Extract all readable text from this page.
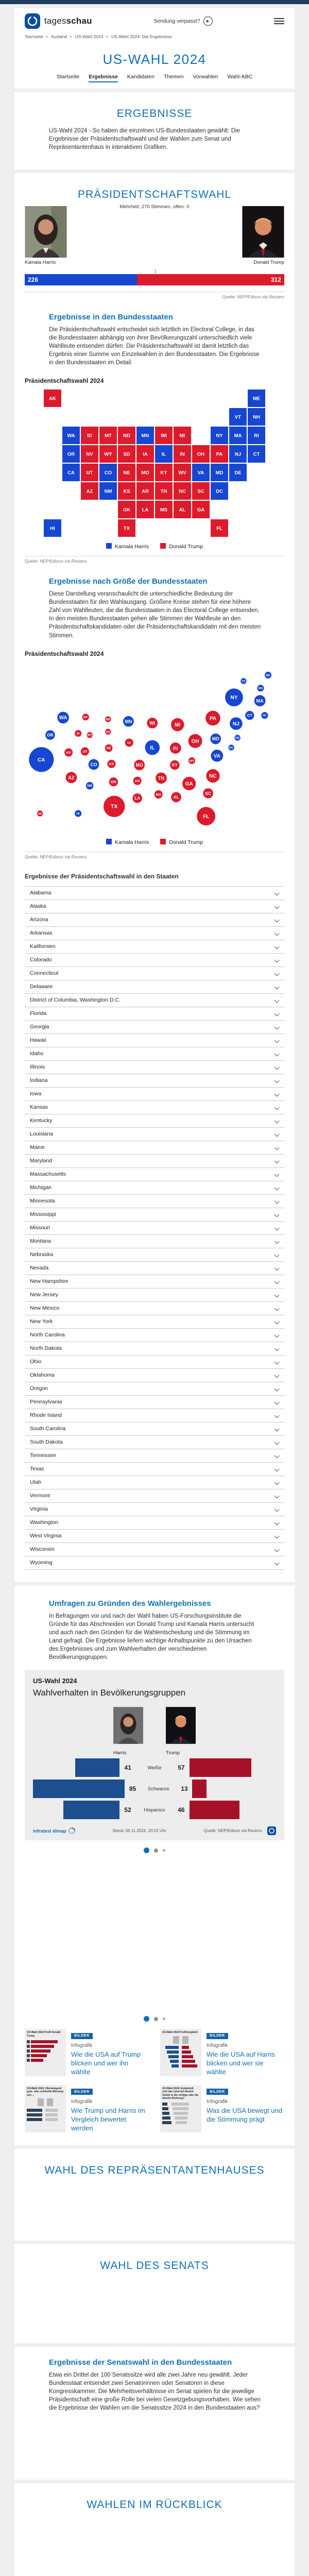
tagesschau	Sendung verpasst?	▶
Startseite ▸ Ausland ▸ US-Wahl 2024 ▸ US-Wahl 2024: Die Ergebnisse
US-WAHL 2024
Startseite Ergebnisse Kandidaten Themen Vorwahlen Wahl-ABC
ERGEBNISSE

US-Wahl 2024 - So haben die einzelnen US-Bundesstaaten gewählt: Die Ergebnisse der Präsidentschaftswahl und der Wahlen zum Senat und Repräsentantenhaus in interaktiven Grafiken.

PRÄSIDENTSCHAFTSWAHL
Mehrheit: 270 Stimmen, offen: 0
Kamala Harris	Donald Trump
226	312
Quelle: NEP/Edison via Reuters
Ergebnisse in den Bundesstaaten

Die Präsidentschaftswahl entscheidet sich letztlich im Electoral College, in das die Bundesstaaten abhängig von ihrer Bevölkerungszahl unterschiedlich viele Wahlleute entsenden dürfen. Die Präsidentschaftswahl ist damit letztlich das Ergebnis einer Summe von Einzelwahlen in den Bundesstaaten. Die Ergebnisse in den Bundesstaaten im Detail.

Präsidentschaftswahl 2024
AK	ME
VT NH
WA ID	MT ND MN WI	MI	NY MA	RI
OR NV WY SD	IA	IL	IN	OH PA NJ CT
CA UT CO NE MO KY WV VA MD DE
AZ NM KS AR TN NC SC DC
OK LA MS AL GA
HI	TX	FL
Kamala Harris	Donald Trump
Quelle: NEP/Edison via Reuters
Ergebnisse nach Größe der Bundesstaaten

Diese Darstellung veranschaulicht die unterschiedliche Bedeutung der Bundesstaaten für den Wahlausgang. Größere Kreise stehen für eine höhere Zahl von Wahlleuten, die die Bundesstaaten in das Electoral College entsenden. In den meisten Bundesstaaten gehen alle Stimmen der Wahlleute an den Präsidentschaftskandidaten oder die Präsidentschaftskandidatin mit den meisten Stimmen.

Präsidentschaftswahl 2024
AK	HI
WA
OR
CA
NV
ID
UT
AZ
MT
WY
NM
CO
ND
SD
NE
KS
OK
TX
MN
IA
MO
AR
LA
WI
IL
MS
MI
IN
KY
TN
AL
OH
WV
GA
FL
SC
NC
VA
PA
NY
MD	DE
NJ
CT	RI
MA
VT
NH
ME
DC
Kamala Harris	Donald Trump
Quelle: NEP/Edison via Reuters
Ergebnisse der Präsidentschaftswahl in den Staaten
Alabama
Alaska
Arizona
Arkansas
Kalifornien
Colorado
Connecticut
Delaware
District of Columbia, Washington D.C.
Florida
Georgia
Hawaii
Idaho
Illinois
Indiana
Iowa
Kansas
Kentucky
Louisiana
Maine
Maryland
Massachusetts
Michigan
Minnesota
Mississippi
Missouri
Montana
Nebraska
Nevada
New Hampshire
New Jersey
New Mexico
New York
North Carolina
North Dakota
Ohio
Oklahoma
Oregon
Pennsylvania
Rhode Island
South Carolina
South Dakota
Tennessee
Texas
Utah
Vermont
Virginia
Washington
West Virginia
Wisconsin
Wyoming
Umfragen zu Gründen des Wahlergebnisses

In Befragungen vor und nach der Wahl haben US-Forschungsinstitute die Gründe für das Abschneiden von Donald Trump und Kamala Harris untersucht und auch nach den Gründen für die Wahlentscheidung und die Stimmung im Land gefragt. Die Ergebnisse liefern wichtige Anhaltspunkte zu den Ursachen des Ergebnisses und zum Wahlverhalten der verschiedenen Bevölkerungsgruppen.

US-Wahl 2024
Wahlverhalten in Bevölkerungsgruppen
Harris	Trump
41	Weiße	57
85	Schwarze	13
52	Hispanics	46
infratest dimap	Stand: 06.11.2024, 20:52 Uhr	Quelle: NEP/Edison via Reuters
US-Wahl 2024 Profil Donald Trump	BILDER
Infografik
Wie die USA auf Trump blicken und wer ihn wählte
US-Wahl 2024 Profilvergleich
BILDER
Infografik
Wie die USA auf Harris blicken und wer sie wählte
US-Wahl 2024: Überwiegend gute- oder schlechte Meinung von ...
BILDER
Infografik
Wie Trump und Harris im Vergleich bewertet werden
US-Wahl 2024: Entwickelt sich das Land auf diesem Gebiet in die richtige oder die falsche Richtung?
BILDER
Infografik
Was die USA bewegt und die Stimmung prägt
WAHL DES REPRÄSENTANTENHAUSES
WAHL DES SENATS
Ergebnisse der Senatswahl in den Bundesstaaten

Etwa ein Drittel der 100 Senatssitze wird alle zwei Jahre neu gewählt. Jeder Bundesstaat entsendet zwei Senatorinnen oder Senatoren in diese Kongresskammer. Die Mehrheitsverhältnisse im Senat spielen für die jeweilige Präsidentschaft eine große Rolle bei vielen Gesetzgebungsvorhaben. Wie sehen die Ergebnisse der Wahlen um die Senatssitze 2024 in den Bundesstaaten aus?

WAHLEN IM RÜCKBLICK
